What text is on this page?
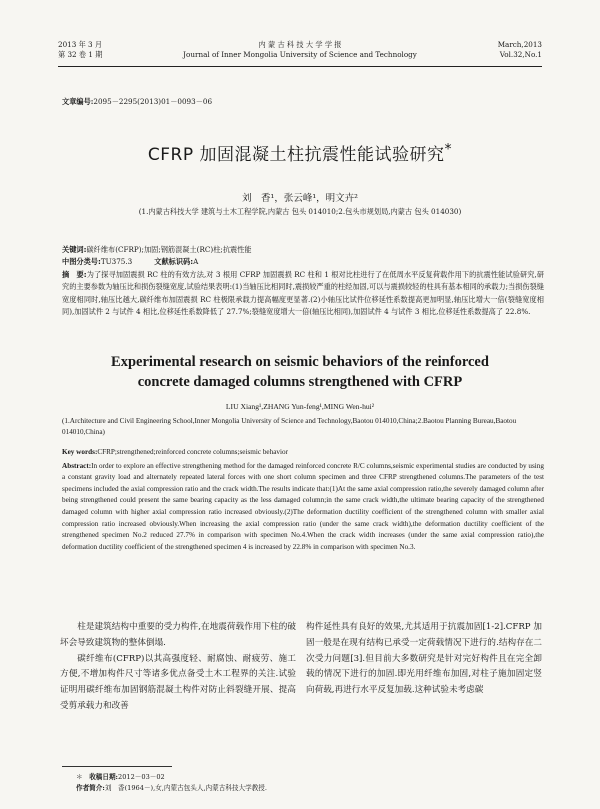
2013 年 3 月
第 32 卷 1 期
内 蒙 古 科 技 大 学 学 报
Journal of Inner Mongolia University of Science and Technology
March,2013
Vol.32,No.1
文章编号:2095－2295(2013)01－0093－06
CFRP 加固混凝土柱抗震性能试验研究*
刘　香¹，张云峰¹，明文卉²
(1.内蒙古科技大学 建筑与土木工程学院,内蒙古 包头 014010;2.包头市规划局,内蒙古 包头 014030)

关键词:碳纤维布(CFRP);加固;钢筋混凝土(RC)柱;抗震性能

中图分类号:TU375.3	文献标识码:A

摘　要:为了探寻加固震损 RC 柱的有效方法,对 3 根用 CFRP 加固震损 RC 柱和 1 根对比柱进行了在低周水平反复荷载作用下的抗震性能试验研究,研究的主要参数为轴压比和损伤裂缝宽度,试验结果表明:(1)当轴压比相同时,震损较严重的柱经加固,可以与震损较轻的柱具有基本相同的承载力;当损伤裂缝宽度相同时,轴压比越大,碳纤维布加固震损 RC 柱极限承载力提高幅度更显著.(2)小轴压比试件位移延性系数提高更加明显,轴压比增大一倍(裂缝宽度相同),加固试件 2 与试件 4 相比,位移延性系数降低了 27.7%;裂缝宽度增大一倍(轴压比相同),加固试件 4 与试件 3 相比,位移延性系数提高了 22.8%.

Experimental research on seismic behaviors of the reinforced
concrete damaged columns strengthened with CFRP
LIU Xiang¹,ZHANG Yun-feng¹,MING Wen-hui²
(1.Architecture and Civil Engineering School,Inner Mongolia University of Science and Technology,Baotou 014010,China;2.Baotou Planning Bureau,Baotou 014010,China)

Key words:CFRP;strengthened;reinforced concrete columns;seismic behavior

Abstract:In order to explore an effective strengthening method for the damaged reinforced concrete R/C columns,seismic experimental studies are conducted by using a constant gravity load and alternately repeated lateral forces with one short column specimen and three CFRP strengthened columns.The parameters of the test specimens included the axial compression ratio and the crack width.The results indicate that:(1)At the same axial compression ratio,the severely damaged column after being strengthened could present the same bearing capacity as the less damaged column;in the same crack width,the ultimate bearing capacity of the strengthened damaged column with higher axial compression ratio increased obviously.(2)The deformation ductility coefficient of the strengthened column with smaller axial compression ratio increased obviously.When increasing the axial compression ratio (under the same crack width),the deformation ductility coefficient of the strengthened specimen No.2 reduced 27.7% in comparison with specimen No.4.When the crack width increases (under the same axial compression ratio),the deformation ductility coefficient of the strengthened specimen 4 is increased by 22.8% in comparison with specimen No.3.

柱是建筑结构中重要的受力构件,在地震荷载作用下柱的破坏会导致建筑物的整体倒塌.

碳纤维布(CFRP)以其高强度轻、耐腐蚀、耐疲劳、施工方便,不增加构件尺寸等诸多优点备受土木工程界的关注.试验证明用碳纤维布加固钢筋混凝土构件对防止斜裂缝开展、提高受剪承载力和改善

构件延性具有良好的效果,尤其适用于抗震加固[1-2].CFRP 加固一般是在现有结构已承受一定荷载情况下进行的.结构存在二次受力问题[3].但目前大多数研究是针对完好构件且在完全卸载的情况下进行的加固.即光用纤维布加固,对柱子施加固定竖向荷载,再进行水平反复加载.这种试验未考虑碳

＊　收稿日期:2012－03－02
作者简介:刘　香(1964－),女,内蒙古包头人,内蒙古科技大学教授.
